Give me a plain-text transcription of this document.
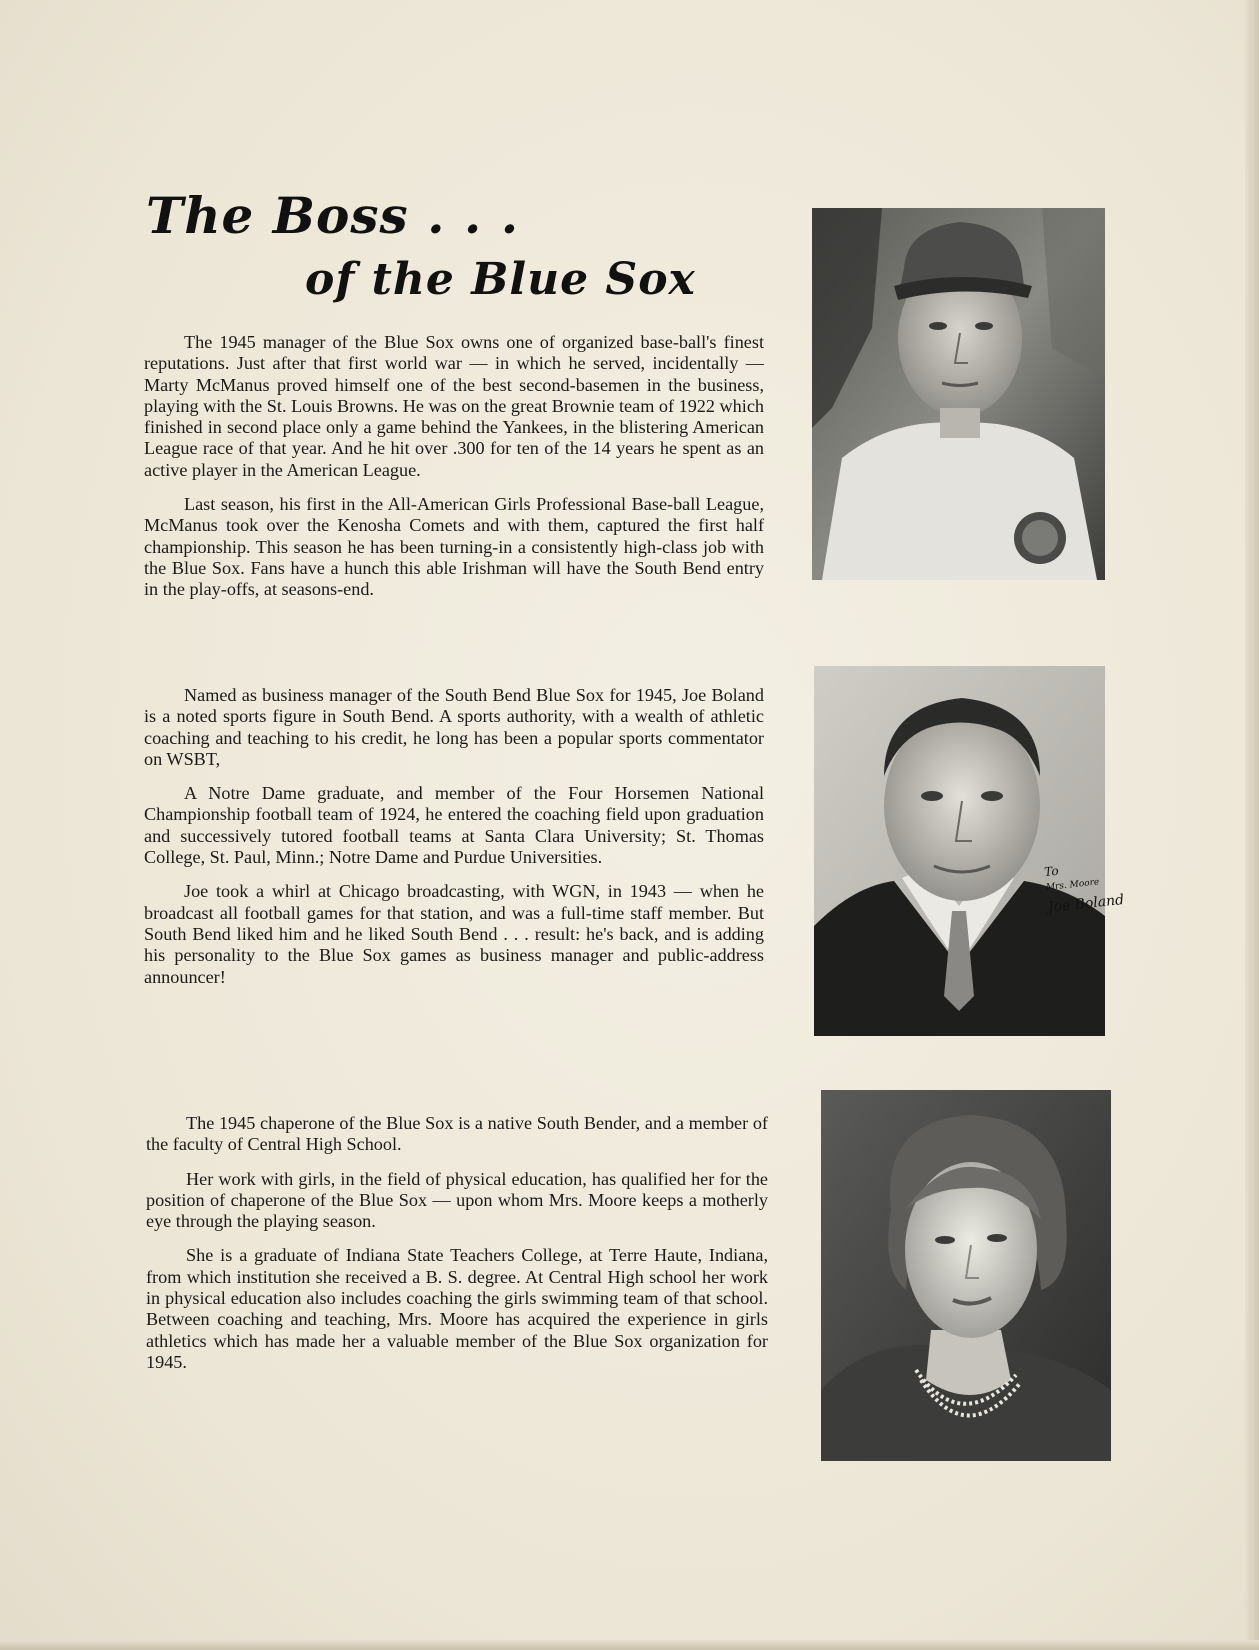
The Boss . . .
of the Blue Sox

The 1945 manager of the Blue Sox owns one of organized base-ball's finest reputations. Just after that first world war — in which he served, incidentally — Marty McManus proved himself one of the best second-basemen in the business, playing with the St. Louis Browns. He was on the great Brownie team of 1922 which finished in second place only a game behind the Yankees, in the blistering American League race of that year. And he hit over .300 for ten of the 14 years he spent as an active player in the American League.

Last season, his first in the All-American Girls Professional Base-ball League, McManus took over the Kenosha Comets and with them, captured the first half championship. This season he has been turning-in a consistently high-class job with the Blue Sox. Fans have a hunch this able Irishman will have the South Bend entry in the play-offs, at seasons-end.

Named as business manager of the South Bend Blue Sox for 1945, Joe Boland is a noted sports figure in South Bend. A sports authority, with a wealth of athletic coaching and teaching to his credit, he long has been a popular sports commentator on WSBT,

A Notre Dame graduate, and member of the Four Horsemen National Championship football team of 1924, he entered the coaching field upon graduation and successively tutored football teams at Santa Clara University; St. Thomas College, St. Paul, Minn.; Notre Dame and Purdue Universities.

Joe took a whirl at Chicago broadcasting, with WGN, in 1943 — when he broadcast all football games for that station, and was a full-time staff member. But South Bend liked him and he liked South Bend . . . result: he's back, and is adding his personality to the Blue Sox games as business manager and public-address announcer!

The 1945 chaperone of the Blue Sox is a native South Bender, and a member of the faculty of Central High School.

Her work with girls, in the field of physical education, has qualified her for the position of chaperone of the Blue Sox — upon whom Mrs. Moore keeps a motherly eye through the playing season.

She is a graduate of Indiana State Teachers College, at Terre Haute, Indiana, from which institution she received a B. S. degree. At Central High school her work in physical education also includes coaching the girls swimming team of that school. Between coaching and teaching, Mrs. Moore has acquired the experience in girls athletics which has made her a valuable member of the Blue Sox organization for 1945.

To
Mrs. Moore
Joe Boland
